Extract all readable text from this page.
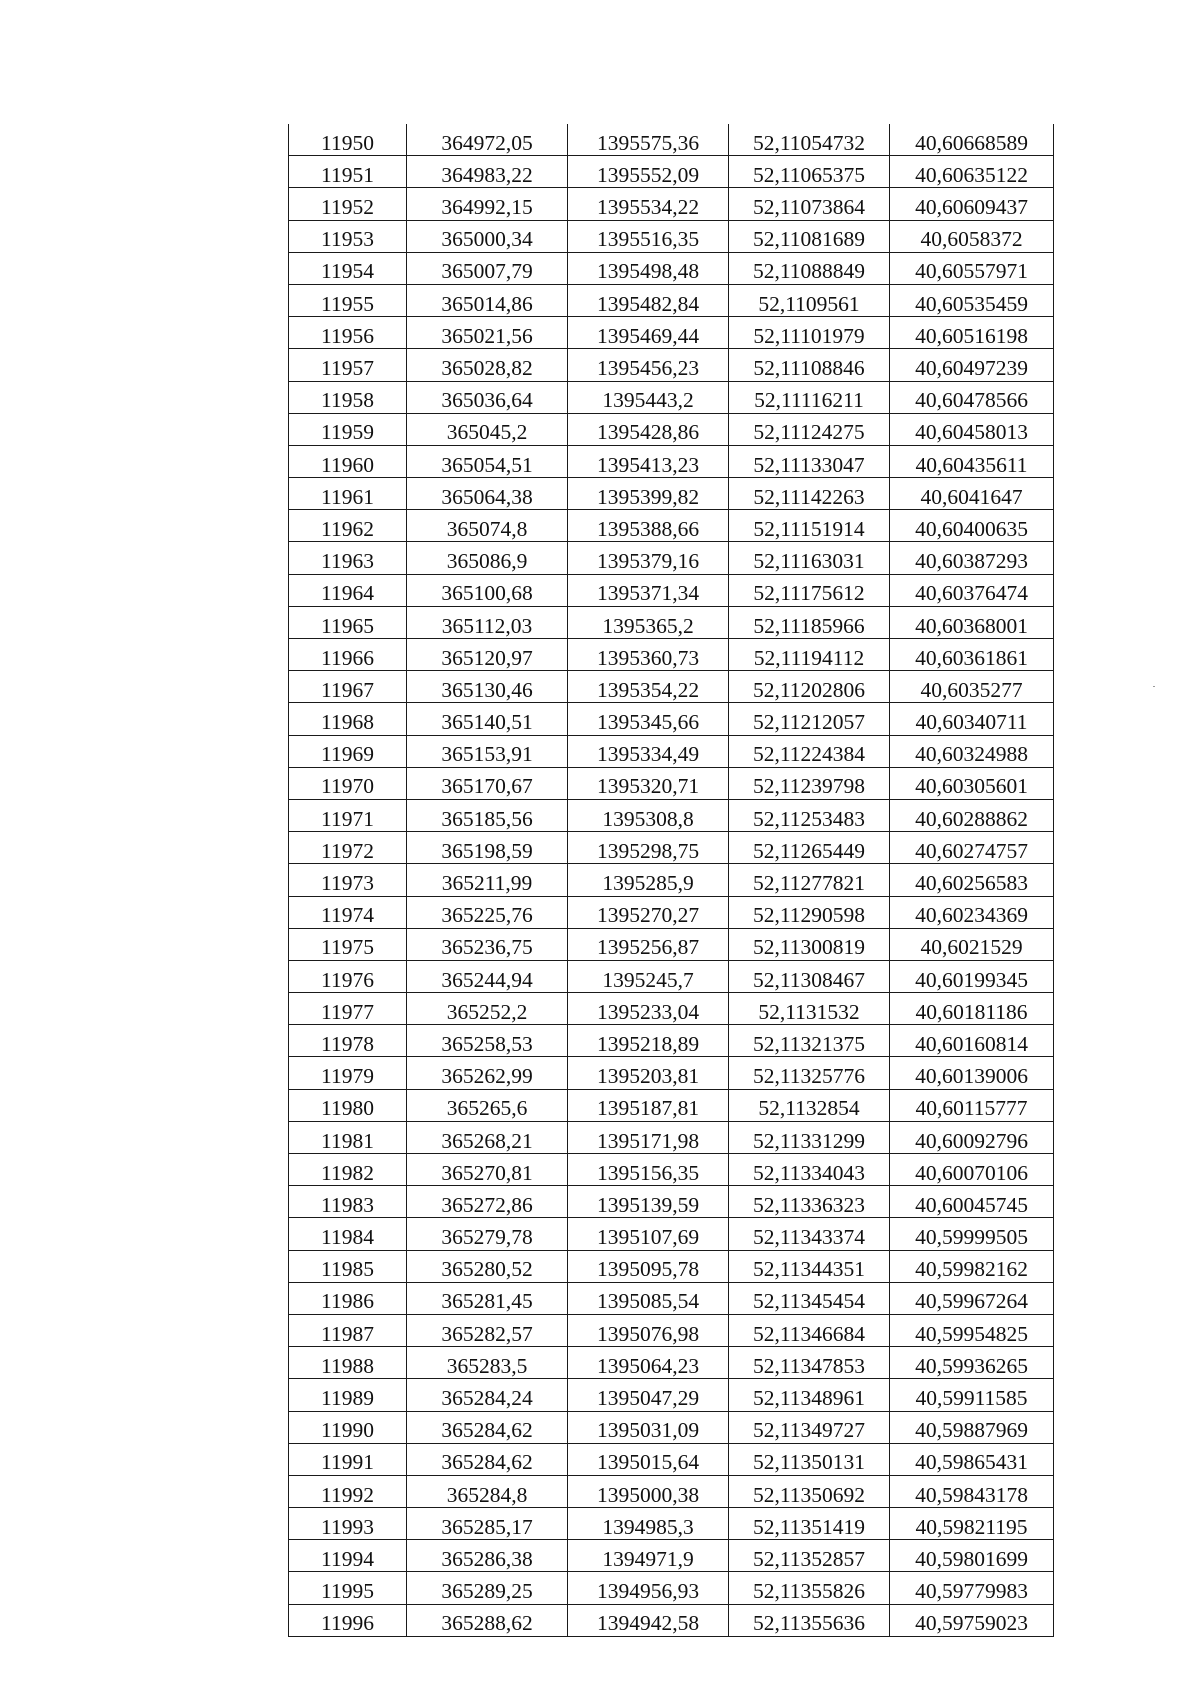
11950	364972,05	1395575,36	52,11054732	40,60668589
11951	364983,22	1395552,09	52,11065375	40,60635122
11952	364992,15	1395534,22	52,11073864	40,60609437
11953	365000,34	1395516,35	52,11081689	40,6058372
11954	365007,79	1395498,48	52,11088849	40,60557971
11955	365014,86	1395482,84	52,1109561	40,60535459
11956	365021,56	1395469,44	52,11101979	40,60516198
11957	365028,82	1395456,23	52,11108846	40,60497239
11958	365036,64	1395443,2	52,11116211	40,60478566
11959	365045,2	1395428,86	52,11124275	40,60458013
11960	365054,51	1395413,23	52,11133047	40,60435611
11961	365064,38	1395399,82	52,11142263	40,6041647
11962	365074,8	1395388,66	52,11151914	40,60400635
11963	365086,9	1395379,16	52,11163031	40,60387293
11964	365100,68	1395371,34	52,11175612	40,60376474
11965	365112,03	1395365,2	52,11185966	40,60368001
11966	365120,97	1395360,73	52,11194112	40,60361861
11967	365130,46	1395354,22	52,11202806	40,6035277
11968	365140,51	1395345,66	52,11212057	40,60340711
11969	365153,91	1395334,49	52,11224384	40,60324988
11970	365170,67	1395320,71	52,11239798	40,60305601
11971	365185,56	1395308,8	52,11253483	40,60288862
11972	365198,59	1395298,75	52,11265449	40,60274757
11973	365211,99	1395285,9	52,11277821	40,60256583
11974	365225,76	1395270,27	52,11290598	40,60234369
11975	365236,75	1395256,87	52,11300819	40,6021529
11976	365244,94	1395245,7	52,11308467	40,60199345
11977	365252,2	1395233,04	52,1131532	40,60181186
11978	365258,53	1395218,89	52,11321375	40,60160814
11979	365262,99	1395203,81	52,11325776	40,60139006
11980	365265,6	1395187,81	52,1132854	40,60115777
11981	365268,21	1395171,98	52,11331299	40,60092796
11982	365270,81	1395156,35	52,11334043	40,60070106
11983	365272,86	1395139,59	52,11336323	40,60045745
11984	365279,78	1395107,69	52,11343374	40,59999505
11985	365280,52	1395095,78	52,11344351	40,59982162
11986	365281,45	1395085,54	52,11345454	40,59967264
11987	365282,57	1395076,98	52,11346684	40,59954825
11988	365283,5	1395064,23	52,11347853	40,59936265
11989	365284,24	1395047,29	52,11348961	40,59911585
11990	365284,62	1395031,09	52,11349727	40,59887969
11991	365284,62	1395015,64	52,11350131	40,59865431
11992	365284,8	1395000,38	52,11350692	40,59843178
11993	365285,17	1394985,3	52,11351419	40,59821195
11994	365286,38	1394971,9	52,11352857	40,59801699
11995	365289,25	1394956,93	52,11355826	40,59779983
11996	365288,62	1394942,58	52,11355636	40,59759023
